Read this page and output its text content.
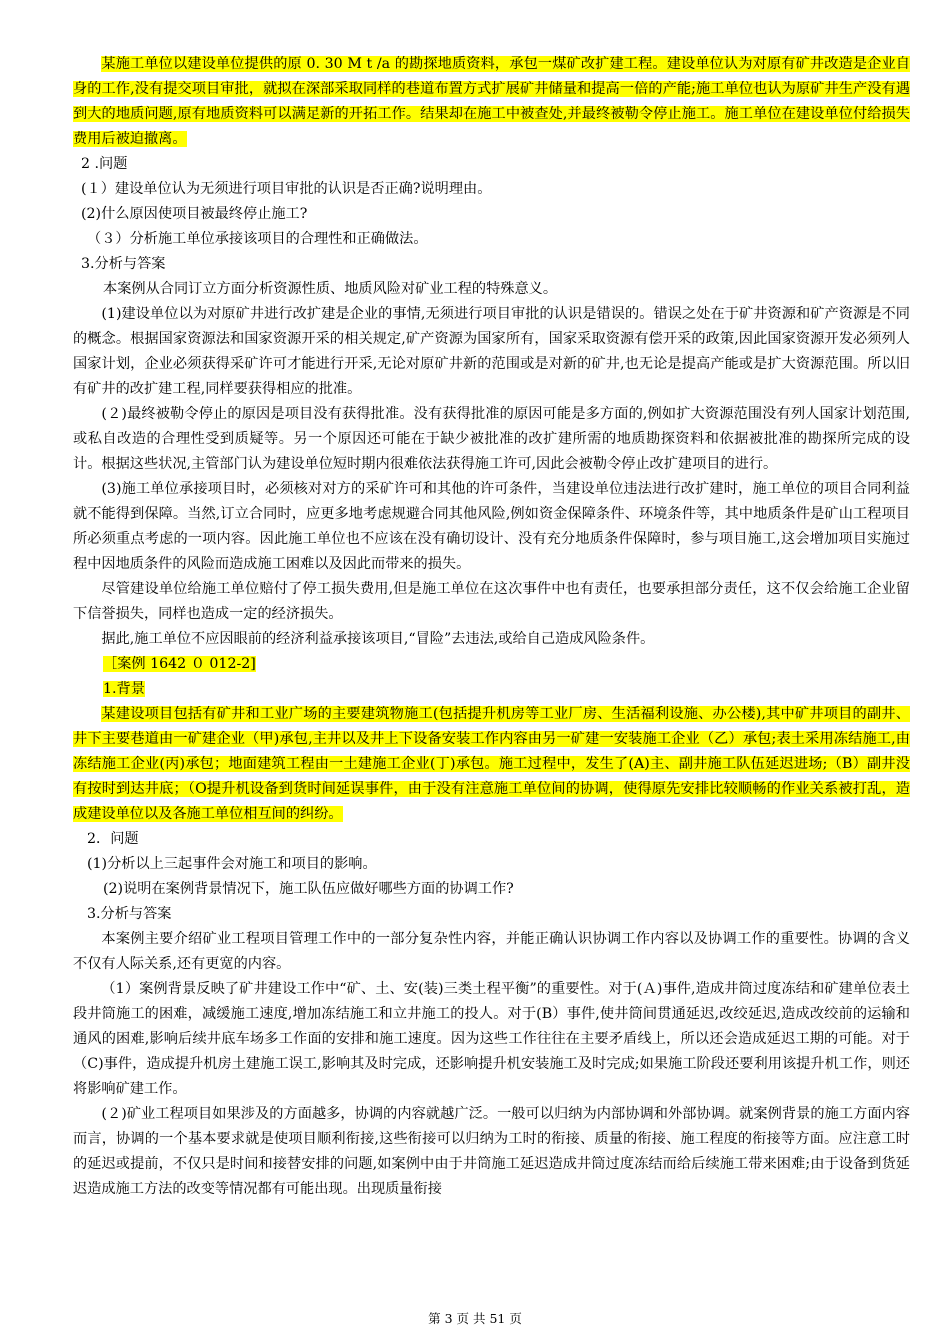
某施工单位以建设单位提供的原 0. 30 M t /a 的勘探地质资料，承包一煤矿改扩建工程。建设单位认为对原有矿井改造是企业自身的工作,没有提交项目审批，就拟在深部采取同样的巷道布置方式扩展矿井储量和提高一倍的产能;施工单位也认为原矿井生产没有遇到大的地质问题,原有地质资料可以满足新的开拓工作。结果却在施工中被查处,并最终被勒令停止施工。施工单位在建设单位付给损失费用后被迫撤离。

2 .问题

(１）建设单位认为无须进行项目审批的认识是否正确?说明理由。

(2)什么原因使项目被最终停止施工?

（３）分析施工单位承接该项目的合理性和正确做法。

3.分析与答案

本案例从合同订立方面分析资源性质、地质风险对矿业工程的特殊意义。

(1)建设单位以为对原矿井进行改扩建是企业的事情,无须进行项目审批的认识是错误的。错误之处在于矿井资源和矿产资源是不同的概念。根据国家资源法和国家资源开采的相关规定,矿产资源为国家所有，国家采取资源有偿开采的政策,因此国家资源开发必须列人国家计划，企业必须获得采矿许可才能进行开采,无论对原矿井新的范围或是对新的矿井,也无论是提高产能或是扩大资源范围。所以旧有矿井的改扩建工程,同样要获得相应的批准。

(２)最终被勒令停止的原因是项目没有获得批准。没有获得批准的原因可能是多方面的,例如扩大资源范围没有列人国家计划范围,或私自改造的合理性受到质疑等。另一个原因还可能在于缺少被批准的改扩建所需的地质勘探资料和依据被批准的勘探所完成的设计。根据这些状况,主管部门认为建设单位短时期内很难依法获得施工许可,因此会被勒令停止改扩建项目的进行。

(3)施工单位承接项目时，必须核对对方的采矿许可和其他的许可条件，当建设单位违法进行改扩建时，施工单位的项目合同利益就不能得到保障。当然,订立合同时，应更多地考虑规避合同其他风险,例如资金保障条件、环境条件等，其中地质条件是矿山工程项目所必须重点考虑的一项内容。因此施工单位也不应该在没有确切设计、没有充分地质条件保障时，参与项目施工,这会增加项目实施过程中因地质条件的风险而造成施工困难以及因此而带来的损失。

尽管建设单位给施工单位赔付了停工损失费用,但是施工单位在这次事件中也有责任，也要承担部分责任，这不仅会给施工企业留下信誉损失，同样也造成一定的经济损失。

据此,施工单位不应因眼前的经济利益承接该项目,“冒险”去违法,或给自己造成风险条件。

［案例 1642 ０ 012-2]

1.背景

某建设项目包括有矿井和工业广场的主要建筑物施工(包括提升机房等工业厂房、生活福利设施、办公楼),其中矿井项目的副井、井下主要巷道由一矿建企业（甲)承包,主井以及井上下设备安装工作内容由另一矿建一安装施工企业（乙）承包;表土采用冻结施工,由冻结施工企业(丙)承包；地面建筑工程由一土建施工企业(丁)承包。施工过程中，发生了(A)主、副井施工队伍延迟进场;（B）副井没有按时到达井底；（O提升机设备到货时间延误事件，由于没有注意施工单位间的协调，使得原先安排比较顺畅的作业关系被打乱，造成建设单位以及各施工单位相互间的纠纷。

2．问题

(1)分析以上三起事件会对施工和项目的影响。

(2)说明在案例背景情况下，施工队伍应做好哪些方面的协调工作?

3.分析与答案

本案例主要介绍矿业工程项目管理工作中的一部分复杂性内容，并能正确认识协调工作内容以及协调工作的重要性。协调的含义不仅有人际关系,还有更宽的内容。

（1）案例背景反映了矿井建设工作中“矿、土、安(装)三类土程平衡”的重要性。对于(Ａ)事件,造成井筒过度冻结和矿建单位表土段井筒施工的困难，减缓施工速度,增加冻结施工和立井施工的投人。对于(B）事件,使井筒间贯通延迟,改绞延迟,造成改绞前的运输和通风的困难,影响后续井底车场多工作面的安排和施工速度。因为这些工作往往在主要矛盾线上，所以还会造成延迟工期的可能。对于（C)事件，造成提升机房土建施工误工,影响其及时完成，还影响提升机安装施工及时完成;如果施工阶段还要利用该提升机工作，则还将影响矿建工作。

(２)矿业工程项目如果涉及的方面越多，协调的内容就越广泛。一般可以归纳为内部协调和外部协调。就案例背景的施工方面内容而言，协调的一个基本要求就是使项目顺利衔接,这些衔接可以归纳为工时的衔接、质量的衔接、施工程度的衔接等方面。应注意工时的延迟或提前，不仅只是时间和接替安排的问题,如案例中由于井筒施工延迟造成井筒过度冻结而给后续施工带来困难;由于设备到货延迟造成施工方法的改变等情况都有可能出现。出现质量衔接

第 3 页 共 51 页
